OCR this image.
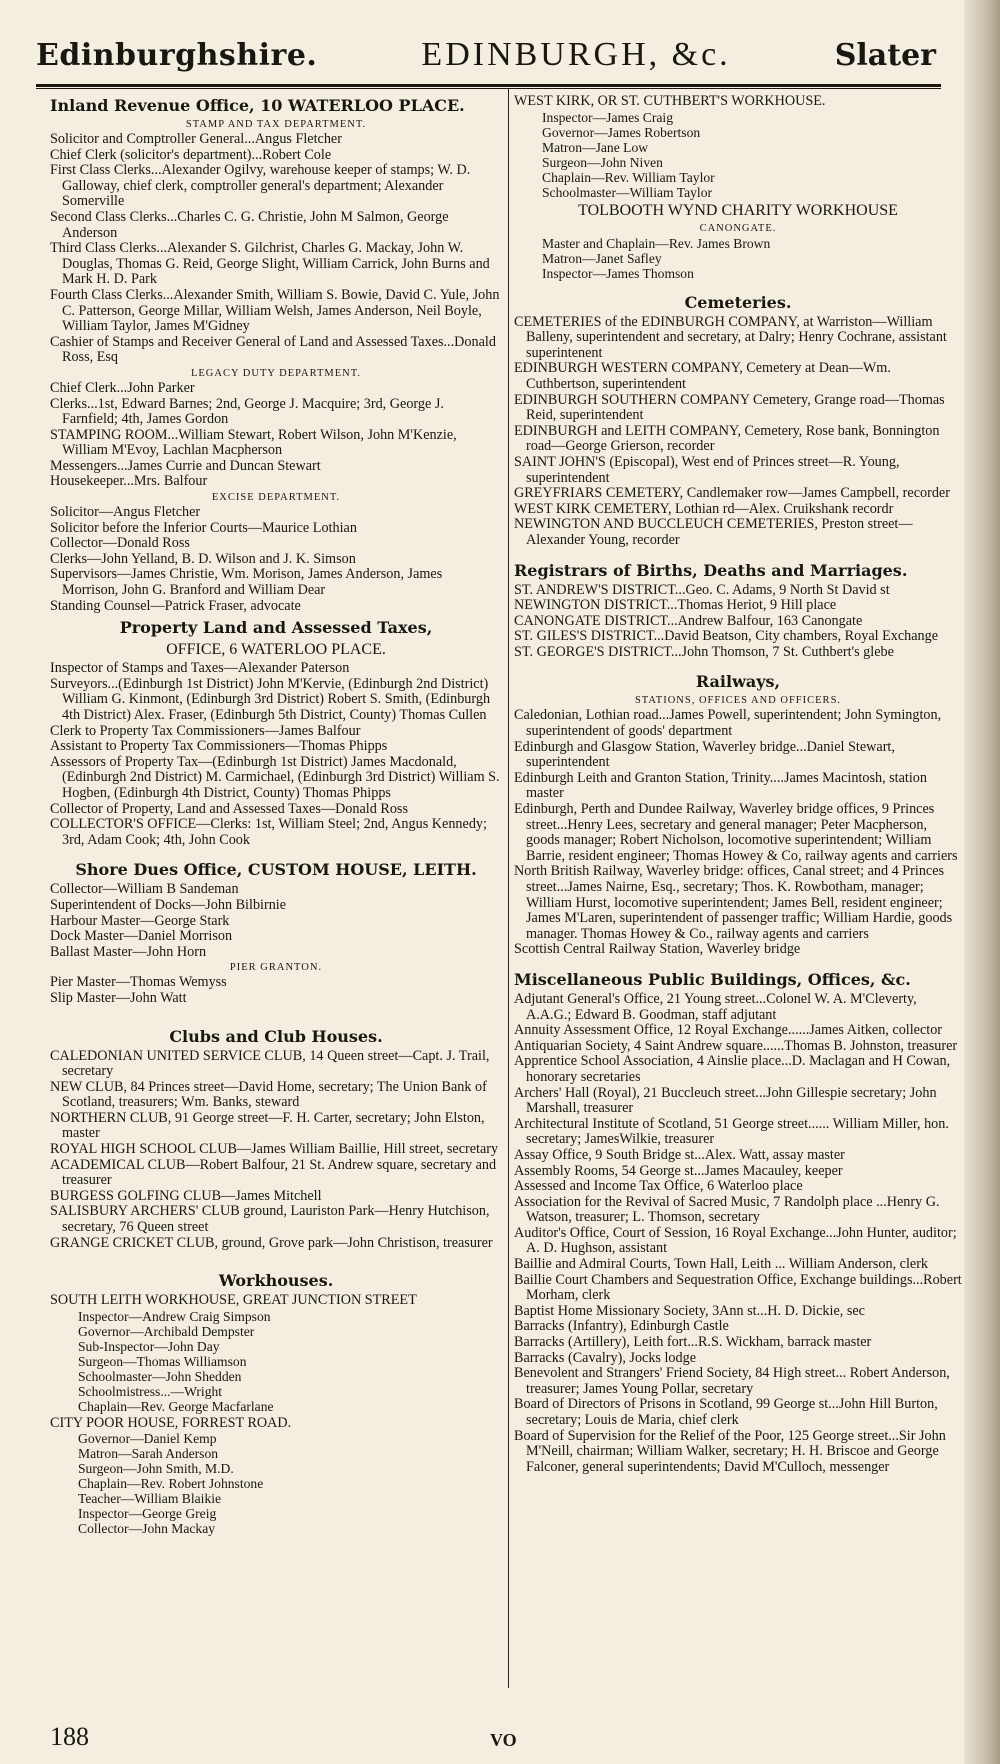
Edinburghshire.	EDINBURGH, &c.	Slater
Inland Revenue Office, 10 WATERLOO PLACE.
STAMP AND TAX DEPARTMENT.

Solicitor and Comptroller General...Angus Fletcher

Chief Clerk (solicitor's department)...Robert Cole

First Class Clerks...Alexander Ogilvy, warehouse keeper of stamps; W. D. Galloway, chief clerk, comptroller general's department; Alexander Somerville

Second Class Clerks...Charles C. G. Christie, John M Salmon, George Anderson

Third Class Clerks...Alexander S. Gilchrist, Charles G. Mackay, John W. Douglas, Thomas G. Reid, George Slight, William Carrick, John Burns and Mark H. D. Park

Fourth Class Clerks...Alexander Smith, William S. Bowie, David C. Yule, John C. Patterson, George Millar, William Welsh, James Anderson, Neil Boyle, William Taylor, James M'Gidney

Cashier of Stamps and Receiver General of Land and Assessed Taxes...Donald Ross, Esq

LEGACY DUTY DEPARTMENT.

Chief Clerk...John Parker

Clerks...1st, Edward Barnes; 2nd, George J. Macquire; 3rd, George J. Farnfield; 4th, James Gordon

STAMPING ROOM...William Stewart, Robert Wilson, John M'Kenzie, William M'Evoy, Lachlan Macpherson

Messengers...James Currie and Duncan Stewart

Housekeeper...Mrs. Balfour

EXCISE DEPARTMENT.

Solicitor—Angus Fletcher

Solicitor before the Inferior Courts—Maurice Lothian

Collector—Donald Ross

Clerks—John Yelland, B. D. Wilson and J. K. Simson

Supervisors—James Christie, Wm. Morison, James Anderson, James Morrison, John G. Branford and William Dear

Standing Counsel—Patrick Fraser, advocate

Property Land and Assessed Taxes,
OFFICE, 6 WATERLOO PLACE.

Inspector of Stamps and Taxes—Alexander Paterson

Surveyors...(Edinburgh 1st District) John M'Kervie, (Edinburgh 2nd District) William G. Kinmont, (Edinburgh 3rd District) Robert S. Smith, (Edinburgh 4th District) Alex. Fraser, (Edinburgh 5th District, County) Thomas Cullen

Clerk to Property Tax Commissioners—James Balfour

Assistant to Property Tax Commissioners—Thomas Phipps

Assessors of Property Tax—(Edinburgh 1st District) James Macdonald, (Edinburgh 2nd District) M. Carmichael, (Edinburgh 3rd District) William S. Hogben, (Edinburgh 4th District, County) Thomas Phipps

Collector of Property, Land and Assessed Taxes—Donald Ross

COLLECTOR'S OFFICE—Clerks: 1st, William Steel; 2nd, Angus Kennedy; 3rd, Adam Cook; 4th, John Cook

Shore Dues Office, CUSTOM HOUSE, LEITH.

Collector—William B Sandeman

Superintendent of Docks—John Bilbirnie

Harbour Master—George Stark

Dock Master—Daniel Morrison

Ballast Master—John Horn

PIER GRANTON.

Pier Master—Thomas Wemyss

Slip Master—John Watt

Clubs and Club Houses.

CALEDONIAN UNITED SERVICE CLUB, 14 Queen street—Capt. J. Trail, secretary

NEW CLUB, 84 Princes street—David Home, secretary; The Union Bank of Scotland, treasurers; Wm. Banks, steward

NORTHERN CLUB, 91 George street—F. H. Carter, secretary; John Elston, master

ROYAL HIGH SCHOOL CLUB—James William Baillie, Hill street, secretary

ACADEMICAL CLUB—Robert Balfour, 21 St. Andrew square, secretary and treasurer

BURGESS GOLFING CLUB—James Mitchell

SALISBURY ARCHERS' CLUB ground, Lauriston Park—Henry Hutchison, secretary, 76 Queen street

GRANGE CRICKET CLUB, ground, Grove park—John Christison, treasurer

Workhouses.
SOUTH LEITH WORKHOUSE, GREAT JUNCTION STREET

Inspector—Andrew Craig Simpson

Governor—Archibald Dempster

Sub-Inspector—John Day

Surgeon—Thomas Williamson

Schoolmaster—John Shedden

Schoolmistress...—Wright

Chaplain—Rev. George Macfarlane

CITY POOR HOUSE, FORREST ROAD.

Governor—Daniel Kemp

Matron—Sarah Anderson

Surgeon—John Smith, M.D.

Chaplain—Rev. Robert Johnstone

Teacher—William Blaikie

Inspector—George Greig

Collector—John Mackay

WEST KIRK, OR ST. CUTHBERT'S WORKHOUSE.

Inspector—James Craig

Governor—James Robertson

Matron—Jane Low

Surgeon—John Niven

Chaplain—Rev. William Taylor

Schoolmaster—William Taylor

TOLBOOTH WYND CHARITY WORKHOUSE
CANONGATE.

Master and Chaplain—Rev. James Brown

Matron—Janet Safley

Inspector—James Thomson

Cemeteries.

CEMETERIES of the EDINBURGH COMPANY, at Warriston—William Balleny, superintendent and secretary, at Dalry; Henry Cochrane, assistant superintenent

EDINBURGH WESTERN COMPANY, Cemetery at Dean—Wm. Cuthbertson, superintendent

EDINBURGH SOUTHERN COMPANY Cemetery, Grange road—Thomas Reid, superintendent

EDINBURGH and LEITH COMPANY, Cemetery, Rose bank, Bonnington road—George Grierson, recorder

SAINT JOHN'S (Episcopal), West end of Princes street—R. Young, superintendent

GREYFRIARS CEMETERY, Candlemaker row—James Campbell, recorder

WEST KIRK CEMETERY, Lothian rd—Alex. Cruikshank recordr

NEWINGTON AND BUCCLEUCH CEMETERIES, Preston street—Alexander Young, recorder

Registrars of Births, Deaths and Marriages.

ST. ANDREW'S DISTRICT...Geo. C. Adams, 9 North St David st

NEWINGTON DISTRICT...Thomas Heriot, 9 Hill place

CANONGATE DISTRICT...Andrew Balfour, 163 Canongate

ST. GILES'S DISTRICT...David Beatson, City chambers, Royal Exchange

ST. GEORGE'S DISTRICT...John Thomson, 7 St. Cuthbert's glebe

Railways,
STATIONS, OFFICES AND OFFICERS.

Caledonian, Lothian road...James Powell, superintendent; John Symington, superintendent of goods' department

Edinburgh and Glasgow Station, Waverley bridge...Daniel Stewart, superintendent

Edinburgh Leith and Granton Station, Trinity....James Macintosh, station master

Edinburgh, Perth and Dundee Railway, Waverley bridge offices, 9 Princes street...Henry Lees, secretary and general manager; Peter Macpherson, goods manager; Robert Nicholson, locomotive superintendent; William Barrie, resident engineer; Thomas Howey & Co, railway agents and carriers

North British Railway, Waverley bridge: offices, Canal street; and 4 Princes street...James Nairne, Esq., secretary; Thos. K. Rowbotham, manager; William Hurst, locomotive superintendent; James Bell, resident engineer; James M'Laren, superintendent of passenger traffic; William Hardie, goods manager. Thomas Howey & Co., railway agents and carriers

Scottish Central Railway Station, Waverley bridge

Miscellaneous Public Buildings, Offices, &c.

Adjutant General's Office, 21 Young street...Colonel W. A. M'Cleverty, A.A.G.; Edward B. Goodman, staff adjutant

Annuity Assessment Office, 12 Royal Exchange......James Aitken, collector

Antiquarian Society, 4 Saint Andrew square......Thomas B. Johnston, treasurer

Apprentice School Association, 4 Ainslie place...D. Maclagan and H Cowan, honorary secretaries

Archers' Hall (Royal), 21 Buccleuch street...John Gillespie secretary; John Marshall, treasurer

Architectural Institute of Scotland, 51 George street...... William Miller, hon. secretary; JamesWilkie, treasurer

Assay Office, 9 South Bridge st...Alex. Watt, assay master

Assembly Rooms, 54 George st...James Macauley, keeper

Assessed and Income Tax Office, 6 Waterloo place

Association for the Revival of Sacred Music, 7 Randolph place ...Henry G. Watson, treasurer; L. Thomson, secretary

Auditor's Office, Court of Session, 16 Royal Exchange...John Hunter, auditor; A. D. Hughson, assistant

Baillie and Admiral Courts, Town Hall, Leith ... William Anderson, clerk

Baillie Court Chambers and Sequestration Office, Exchange buildings...Robert Morham, clerk

Baptist Home Missionary Society, 3Ann st...H. D. Dickie, sec

Barracks (Infantry), Edinburgh Castle

Barracks (Artillery), Leith fort...R.S. Wickham, barrack master

Barracks (Cavalry), Jocks lodge

Benevolent and Strangers' Friend Society, 84 High street... Robert Anderson, treasurer; James Young Pollar, secretary

Board of Directors of Prisons in Scotland, 99 George st...John Hill Burton, secretary; Louis de Maria, chief clerk

Board of Supervision for the Relief of the Poor, 125 George street...Sir John M'Neill, chairman; William Walker, secretary; H. H. Briscoe and George Falconer, general superintendents; David M'Culloch, messenger

188	VO
